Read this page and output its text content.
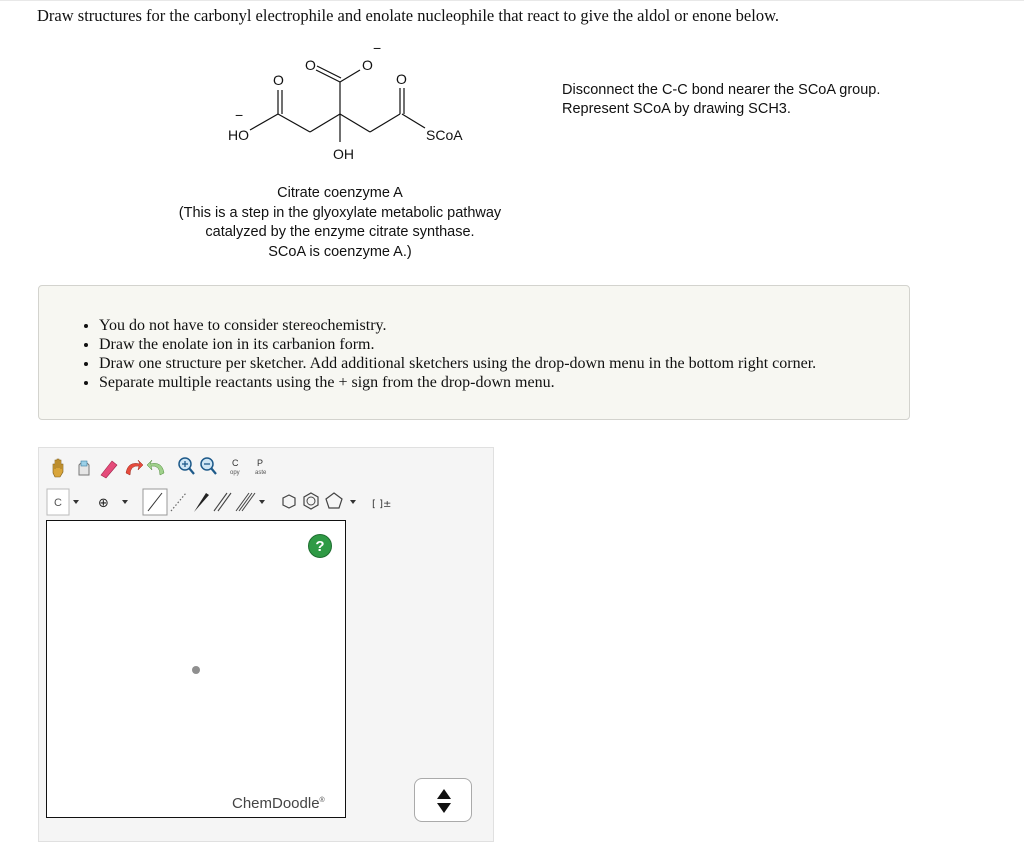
Draw structures for the carbonyl electrophile and enolate nucleophile that react to give the aldol or enone below.
O
O	O
−
O
−
HO
OH
SCoA
Citrate coenzyme A
(This is a step in the glyoxylate metabolic pathway
catalyzed by the enzyme citrate synthase.
SCoA is coenzyme A.)
Disconnect the C-C bond nearer the SCoA group.
Represent SCoA by drawing SCH3.
• You do not have to consider stereochemistry.
• Draw the enolate ion in its carbanion form.
• Draw one structure per sketcher. Add additional sketchers using the drop-down menu in the bottom right corner.
• Separate multiple reactants using the + sign from the drop-down menu.
C
opy
P
aste
C	⊕	[ ]±
?
ChemDoodle®
